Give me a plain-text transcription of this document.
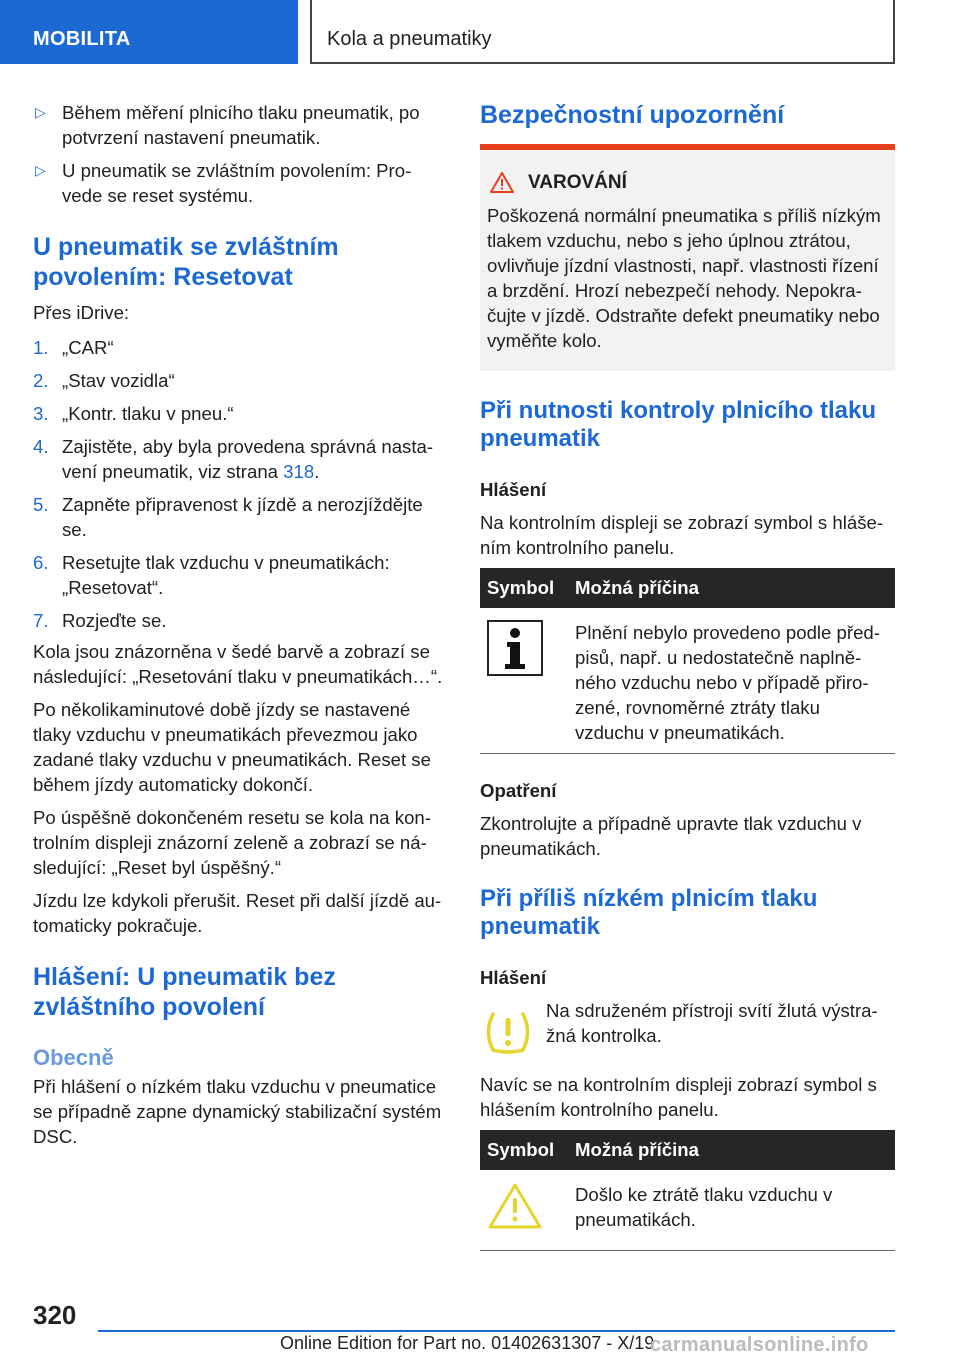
MOBILITA	Kola a pneumatiky
▷ Během měření plnicího tlaku pneumatik, po potvrzení nastavení pneumatik.
▷ U pneumatik se zvláštním povolením: Pro-vede se reset systému.
U pneumatik se zvláštním povolením: Resetovat

Přes iDrive:

1. „CAR“
2. „Stav vozidla“
3. „Kontr. tlaku v pneu.“
4. Zajistěte, aby byla provedena správná nasta-vení pneumatik, viz strana 318.
5. Zapněte připravenost k jízdě a nerozjíždějte se.
6. Resetujte tlak vzduchu v pneumatikách: „Resetovat“.
7. Rozjeďte se.

Kola jsou znázorněna v šedé barvě a zobrazí se následující: „Resetování tlaku v pneumatikách…“.

Po několikaminutové době jízdy se nastavené tlaky vzduchu v pneumatikách převezmou jako zadané tlaky vzduchu v pneumatikách. Reset se během jízdy automaticky dokončí.

Po úspěšně dokončeném resetu se kola na kon-trolním displeji znázorní zeleně a zobrazí se ná-sledující: „Reset byl úspěšný.“

Jízdu lze kdykoli přerušit. Reset při další jízdě au-tomaticky pokračuje.

Hlášení: U pneumatik bez zvláštního povolení
Obecně

Při hlášení o nízkém tlaku vzduchu v pneumatice se případně zapne dynamický stabilizační systém DSC.

Bezpečnostní upozornění
VAROVÁNÍ

Poškozená normální pneumatika s příliš nízkým tlakem vzduchu, nebo s jeho úplnou ztrátou, ovlivňuje jízdní vlastnosti, např. vlastnosti řízení a brzdění. Hrozí nebezpečí nehody. Nepokra-čujte v jízdě. Odstraňte defekt pneumatiky nebo vyměňte kolo.

Při nutnosti kontroly plnicího tlaku pneumatik
Hlášení

Na kontrolním displeji se zobrazí symbol s hláše-ním kontrolního panelu.

Symbol	Možná příčina
	Plnění nebylo provedeno podle před-pisů, např. u nedostatečně naplně-ného vzduchu nebo v případě přiro-zené, rovnoměrné ztráty tlaku vzduchu v pneumatikách.
Opatření

Zkontrolujte a případně upravte tlak vzduchu v pneumatikách.

Při příliš nízkém plnicím tlaku pneumatik
Hlášení

Na sdruženém přístroji svítí žlutá výstra-žná kontrolka.

Navíc se na kontrolním displeji zobrazí symbol s hlášením kontrolního panelu.

Symbol	Možná příčina
	Došlo ke ztrátě tlaku vzduchu v pneumatikách.
320
Online Edition for Part no. 01402631307 - X/19
carmanualsonline.info
